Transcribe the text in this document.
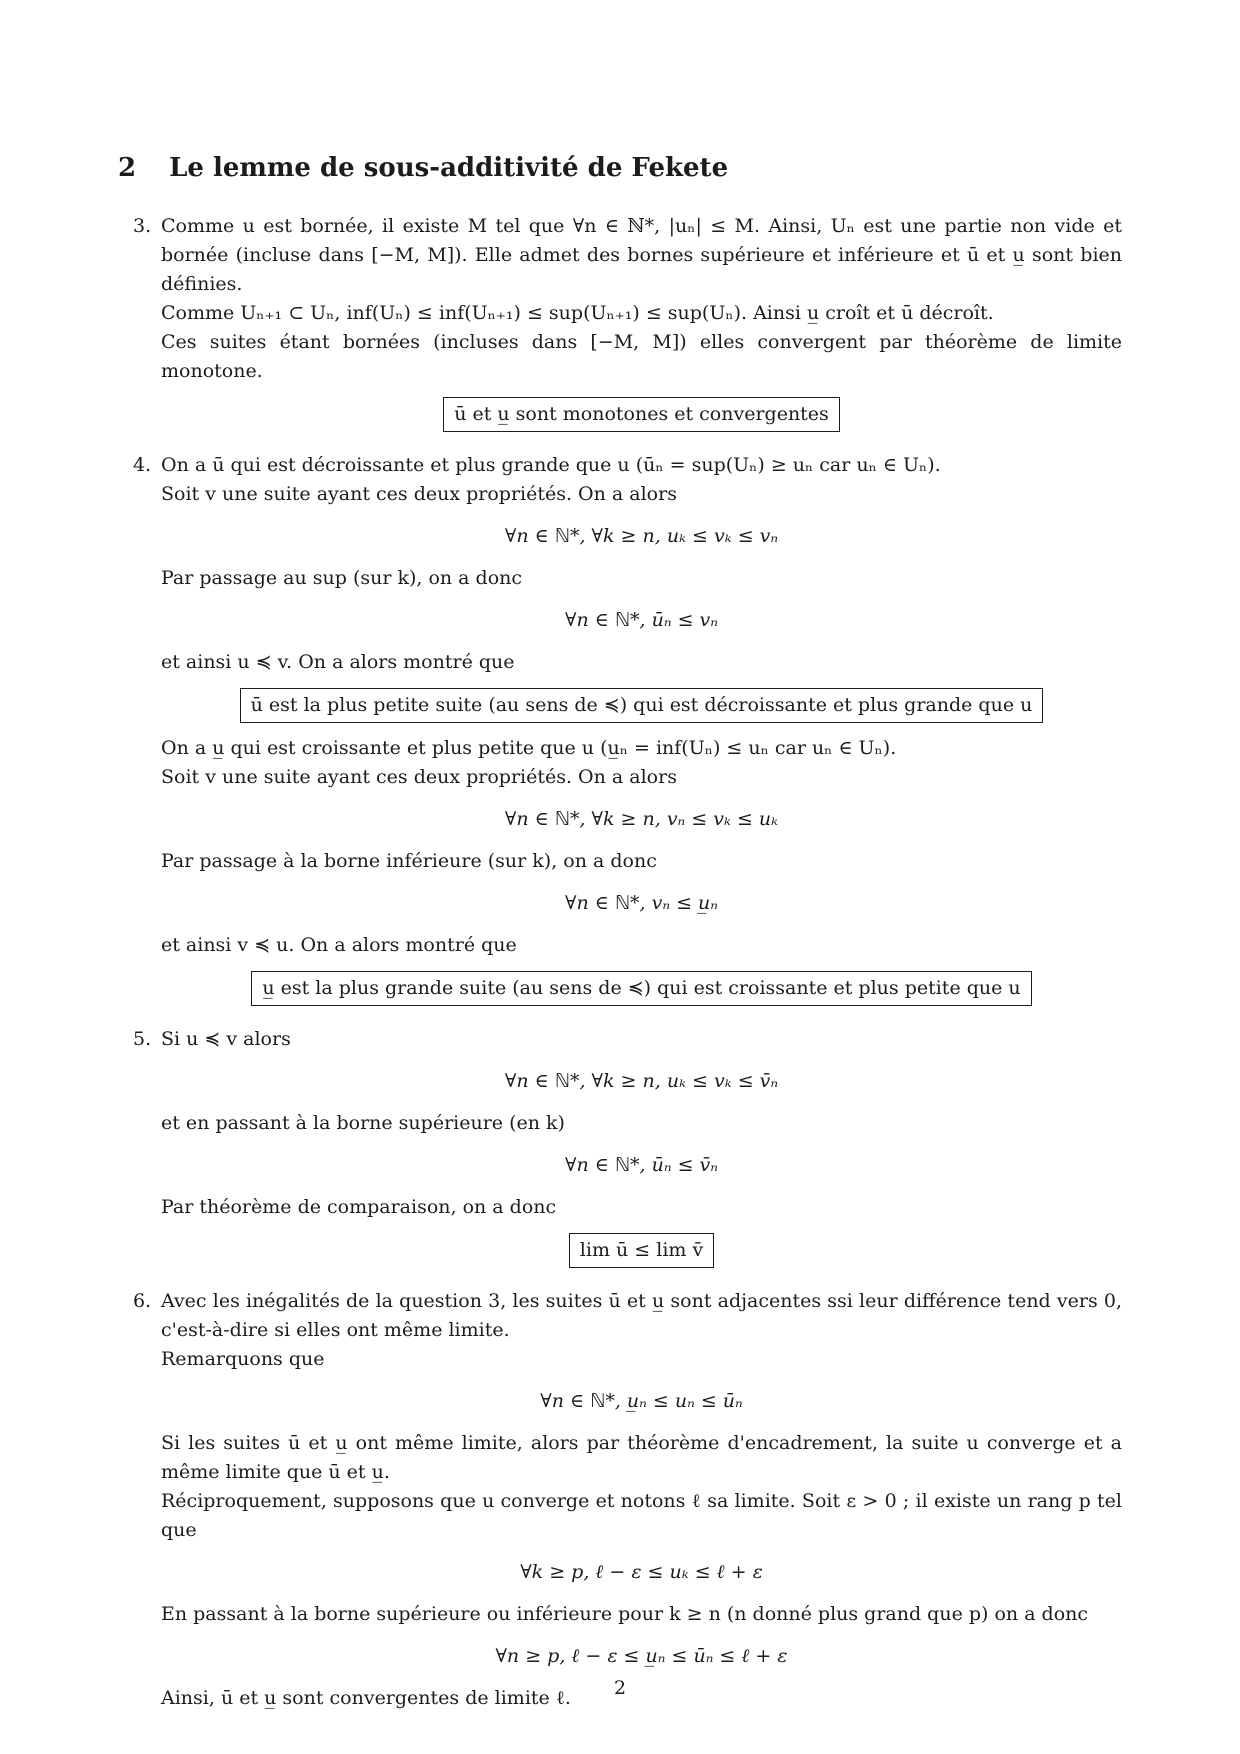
2 Le lemme de sous-additivité de Fekete
3. Comme u est bornée, il existe M tel que ∀n ∈ ℕ*, |uₙ| ≤ M. Ainsi, Uₙ est une partie non vide et bornée (incluse dans [−M, M]). Elle admet des bornes supérieure et inférieure et ū et u̲ sont bien définies.

Comme Uₙ₊₁ ⊂ Uₙ, inf(Uₙ) ≤ inf(Uₙ₊₁) ≤ sup(Uₙ₊₁) ≤ sup(Uₙ). Ainsi u̲ croît et ū décroît.

Ces suites étant bornées (incluses dans [−M, M]) elles convergent par théorème de limite monotone.

ū et u̲ sont monotones et convergentes
4. On a ū qui est décroissante et plus grande que u (ūₙ = sup(Uₙ) ≥ uₙ car uₙ ∈ Uₙ).

Soit v une suite ayant ces deux propriétés. On a alors

∀n ∈ ℕ*, ∀k ≥ n, uₖ ≤ vₖ ≤ vₙ

Par passage au sup (sur k), on a donc

∀n ∈ ℕ*, ūₙ ≤ vₙ

et ainsi u ≼ v. On a alors montré que

ū est la plus petite suite (au sens de ≼) qui est décroissante et plus grande que u

On a u̲ qui est croissante et plus petite que u (u̲ₙ = inf(Uₙ) ≤ uₙ car uₙ ∈ Uₙ).

Soit v une suite ayant ces deux propriétés. On a alors

∀n ∈ ℕ*, ∀k ≥ n, vₙ ≤ vₖ ≤ uₖ

Par passage à la borne inférieure (sur k), on a donc

∀n ∈ ℕ*, vₙ ≤ u̲ₙ

et ainsi v ≼ u. On a alors montré que

u̲ est la plus grande suite (au sens de ≼) qui est croissante et plus petite que u
5. Si u ≼ v alors

∀n ∈ ℕ*, ∀k ≥ n, uₖ ≤ vₖ ≤ v̄ₙ

et en passant à la borne supérieure (en k)

∀n ∈ ℕ*, ūₙ ≤ v̄ₙ

Par théorème de comparaison, on a donc

lim ū ≤ lim v̄
6. Avec les inégalités de la question 3, les suites ū et u̲ sont adjacentes ssi leur différence tend vers 0, c'est-à-dire si elles ont même limite.

Remarquons que

∀n ∈ ℕ*, u̲ₙ ≤ uₙ ≤ ūₙ

Si les suites ū et u̲ ont même limite, alors par théorème d'encadrement, la suite u converge et a même limite que ū et u̲.

Réciproquement, supposons que u converge et notons ℓ sa limite. Soit ε > 0 ; il existe un rang p tel que

∀k ≥ p, ℓ − ε ≤ uₖ ≤ ℓ + ε

En passant à la borne supérieure ou inférieure pour k ≥ n (n donné plus grand que p) on a donc

∀n ≥ p, ℓ − ε ≤ u̲ₙ ≤ ūₙ ≤ ℓ + ε

Ainsi, ū et u̲ sont convergentes de limite ℓ.	2
